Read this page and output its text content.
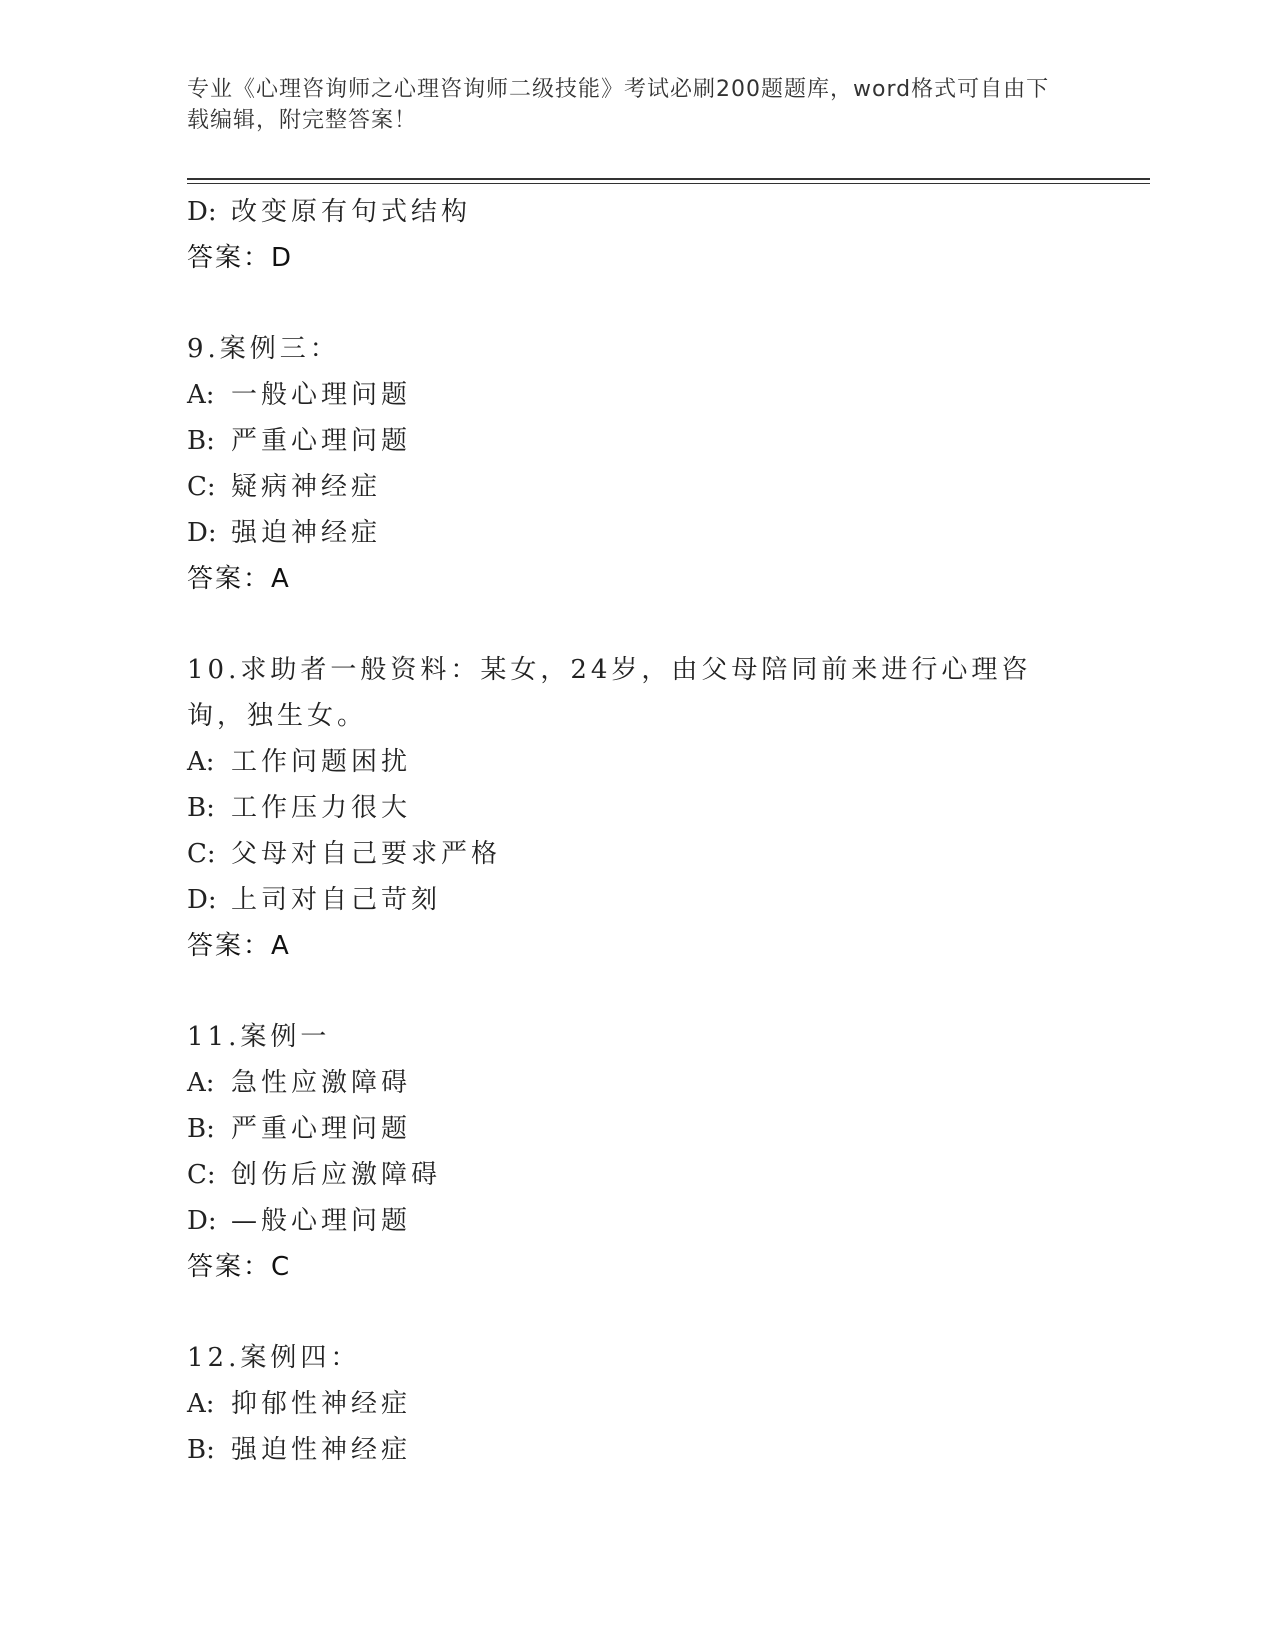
专业《心理咨询师之心理咨询师二级技能》考试必刷200题题库，word格式可自由下载编辑，附完整答案！
D: 改变原有句式结构
答案：D
9.案例三：
A: 一般心理问题
B: 严重心理问题
C: 疑病神经症
D: 强迫神经症
答案：A
10.求助者一般资料：某女，24岁，由父母陪同前来进行心理咨询，独生女。
A: 工作问题困扰
B: 工作压力很大
C: 父母对自己要求严格
D: 上司对自己苛刻
答案：A
11.案例一
A: 急性应激障碍
B: 严重心理问题
C: 创伤后应激障碍
D: —般心理问题
答案：C
12.案例四：
A: 抑郁性神经症
B: 强迫性神经症
